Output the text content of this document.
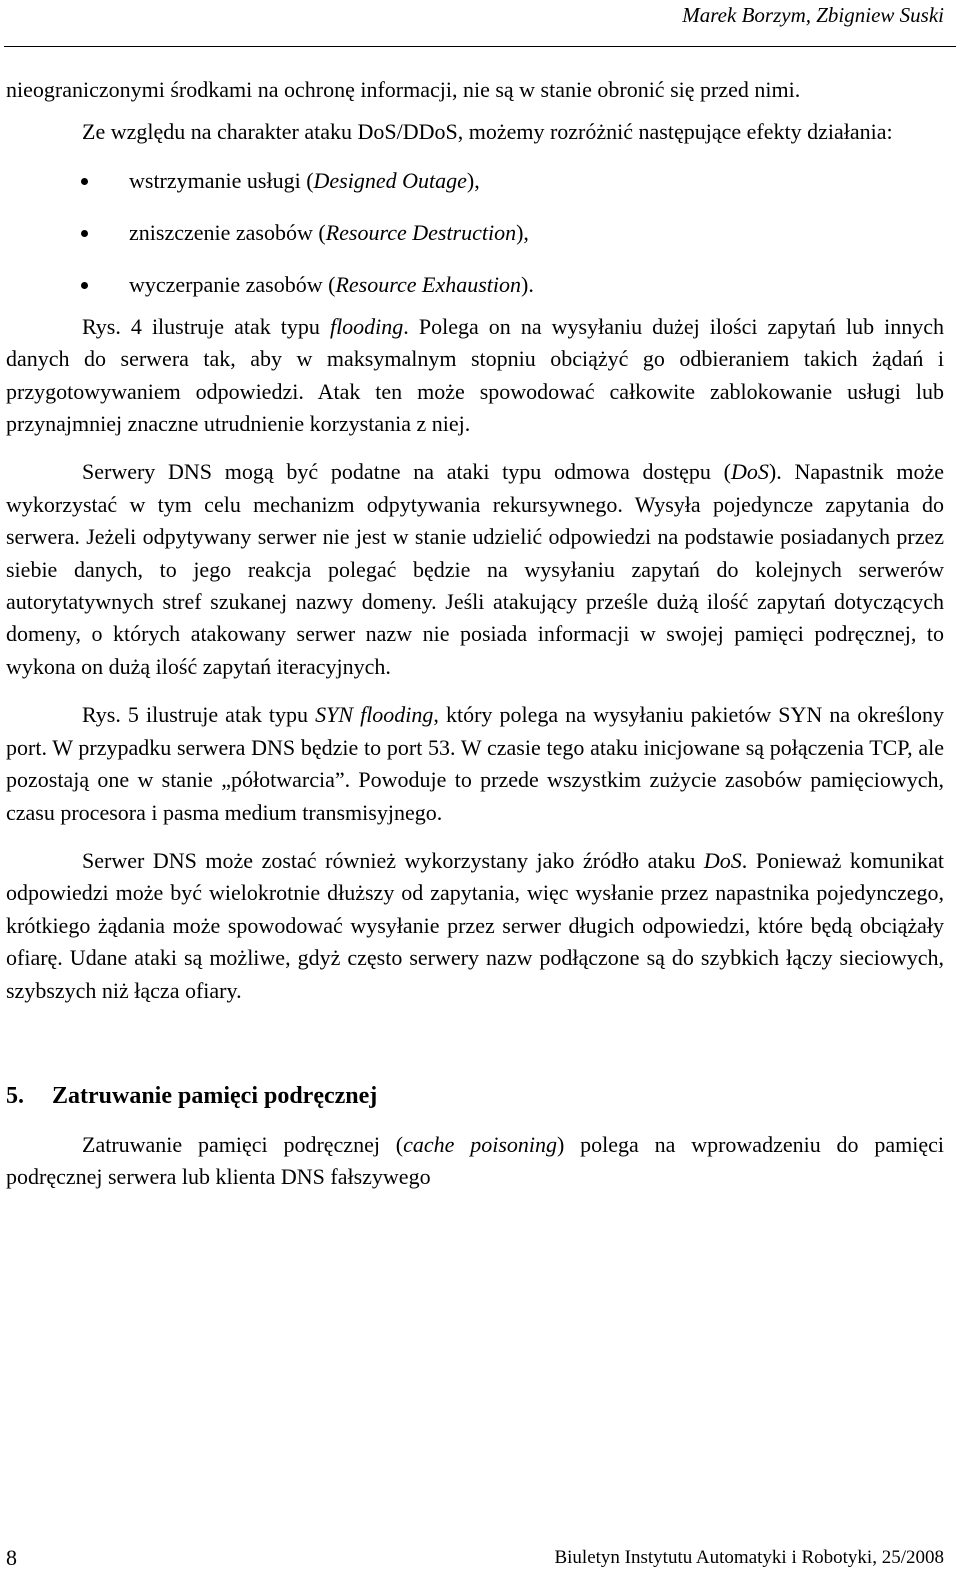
Marek Borzym, Zbigniew Suski

nieograniczonymi środkami na ochronę informacji, nie są w stanie obronić się przed nimi.

Ze względu na charakter ataku DoS/DDoS, możemy rozróżnić następujące efekty działania:

wstrzymanie usługi (Designed Outage),
zniszczenie zasobów (Resource Destruction),
wyczerpanie zasobów (Resource Exhaustion).

Rys. 4 ilustruje atak typu flooding. Polega on na wysyłaniu dużej ilości zapytań lub innych danych do serwera tak, aby w maksymalnym stopniu obciążyć go odbieraniem takich żądań i przygotowywaniem odpowiedzi. Atak ten może spowodować całkowite zablokowanie usługi lub przynajmniej znaczne utrudnienie korzystania z niej.

Serwery DNS mogą być podatne na ataki typu odmowa dostępu (DoS). Napastnik może wykorzystać w tym celu mechanizm odpytywania rekursywnego. Wysyła pojedyncze zapytania do serwera. Jeżeli odpytywany serwer nie jest w stanie udzielić odpowiedzi na podstawie posiadanych przez siebie danych, to jego reakcja polegać będzie na wysyłaniu zapytań do kolejnych serwerów autorytatywnych stref szukanej nazwy domeny. Jeśli atakujący prześle dużą ilość zapytań dotyczących domeny, o których atakowany serwer nazw nie posiada informacji w swojej pamięci podręcznej, to wykona on dużą ilość zapytań iteracyjnych.

Rys. 5 ilustruje atak typu SYN flooding, który polega na wysyłaniu pakietów SYN na określony port. W przypadku serwera DNS będzie to port 53. W czasie tego ataku inicjowane są połączenia TCP, ale pozostają one w stanie „półotwarcia”. Powoduje to przede wszystkim zużycie zasobów pamięciowych, czasu procesora i pasma medium transmisyjnego.

Serwer DNS może zostać również wykorzystany jako źródło ataku DoS. Ponieważ komunikat odpowiedzi może być wielokrotnie dłuższy od zapytania, więc wysłanie przez napastnika pojedynczego, krótkiego żądania może spowodować wysyłanie przez serwer długich odpowiedzi, które będą obciążały ofiarę. Udane ataki są możliwe, gdyż często serwery nazw podłączone są do szybkich łączy sieciowych, szybszych niż łącza ofiary.

5. Zatruwanie pamięci podręcznej

Zatruwanie pamięci podręcznej (cache poisoning) polega na wprowadzeniu do pamięci podręcznej serwera lub klienta DNS fałszywego

8	Biuletyn Instytutu Automatyki i Robotyki, 25/2008
